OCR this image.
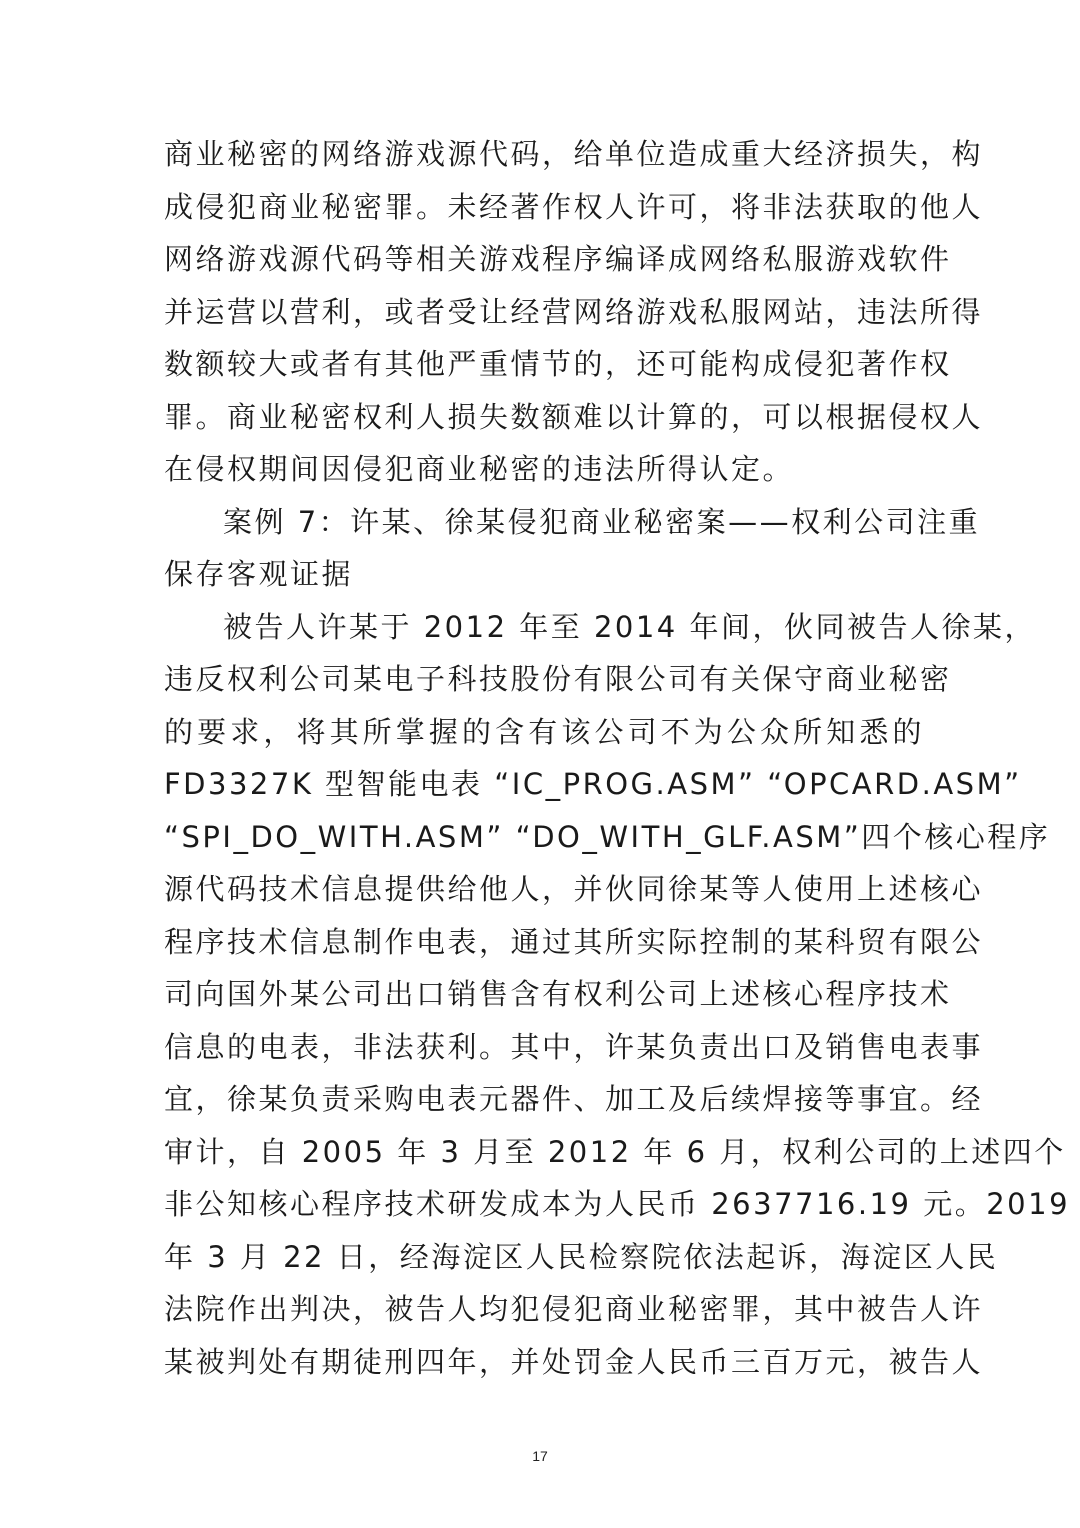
商业秘密的网络游戏源代码，给单位造成重大经济损失，构
成侵犯商业秘密罪。未经著作权人许可，将非法获取的他人
网络游戏源代码等相关游戏程序编译成网络私服游戏软件
并运营以营利，或者受让经营网络游戏私服网站，违法所得
数额较大或者有其他严重情节的，还可能构成侵犯著作权
罪。商业秘密权利人损失数额难以计算的，可以根据侵权人
在侵权期间因侵犯商业秘密的违法所得认定。
案例 7：许某、徐某侵犯商业秘密案——权利公司注重
保存客观证据
被告人许某于 2012 年至 2014 年间，伙同被告人徐某，
违反权利公司某电子科技股份有限公司有关保守商业秘密
的要求，将其所掌握的含有该公司不为公众所知悉的
FD3327K 型智能电表 “IC_PROG.ASM” “OPCARD.ASM”
“SPI_DO_WITH.ASM” “DO_WITH_GLF.ASM”四个核心程序
源代码技术信息提供给他人，并伙同徐某等人使用上述核心
程序技术信息制作电表，通过其所实际控制的某科贸有限公
司向国外某公司出口销售含有权利公司上述核心程序技术
信息的电表，非法获利。其中，许某负责出口及销售电表事
宜，徐某负责采购电表元器件、加工及后续焊接等事宜。经
审计，自 2005 年 3 月至 2012 年 6 月，权利公司的上述四个
非公知核心程序技术研发成本为人民币 2637716.19 元。2019
年 3 月 22 日，经海淀区人民检察院依法起诉，海淀区人民
法院作出判决，被告人均犯侵犯商业秘密罪，其中被告人许
某被判处有期徒刑四年，并处罚金人民币三百万元，被告人
17
